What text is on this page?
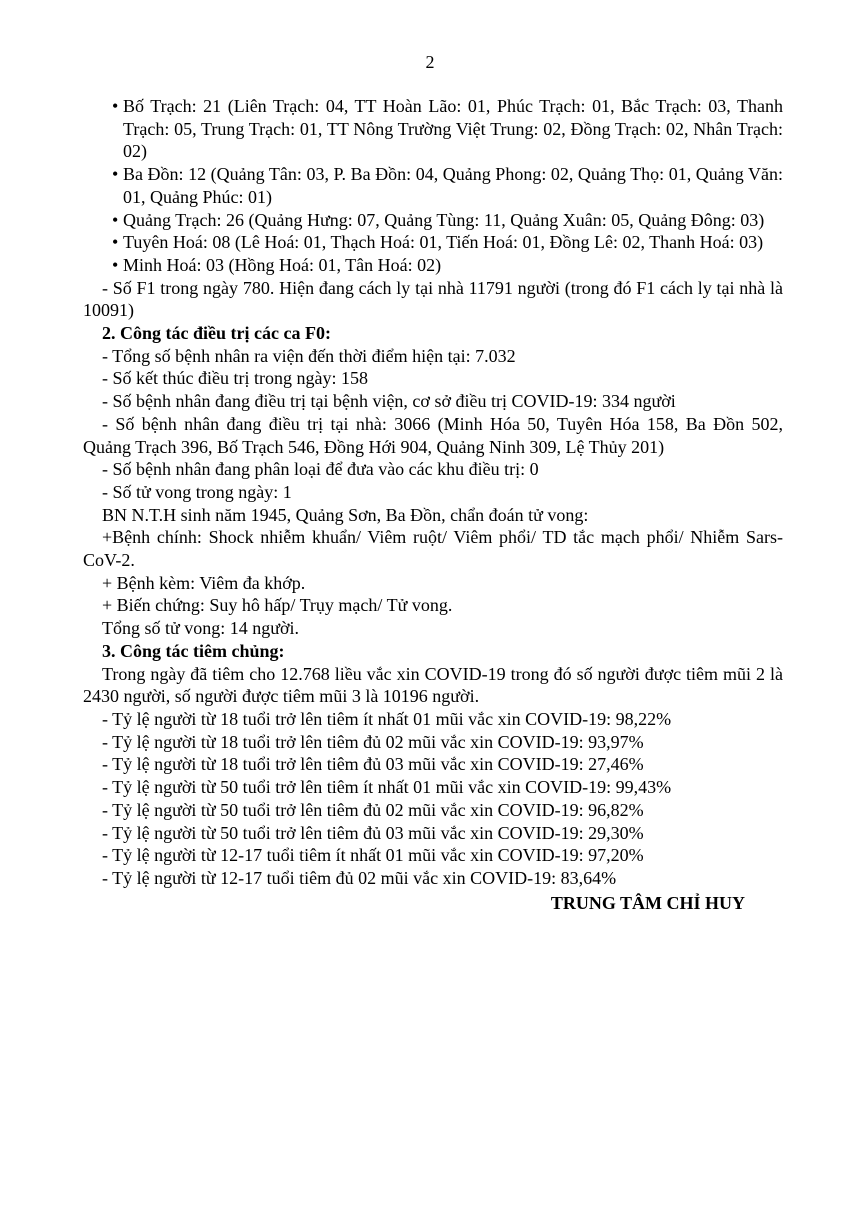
2
• Bố Trạch: 21 (Liên Trạch: 04, TT Hoàn Lão: 01, Phúc Trạch: 01, Bắc Trạch: 03, Thanh Trạch: 05, Trung Trạch: 01, TT Nông Trường Việt Trung: 02, Đồng Trạch: 02, Nhân Trạch: 02)
• Ba Đồn: 12 (Quảng Tân: 03, P. Ba Đồn: 04, Quảng Phong: 02, Quảng Thọ: 01, Quảng Văn: 01, Quảng Phúc: 01)
• Quảng Trạch: 26 (Quảng Hưng: 07, Quảng Tùng: 11, Quảng Xuân: 05, Quảng Đông: 03)
• Tuyên Hoá: 08 (Lê Hoá: 01, Thạch Hoá: 01, Tiến Hoá: 01, Đồng Lê: 02, Thanh Hoá: 03)
• Minh Hoá: 03 (Hồng Hoá: 01, Tân Hoá: 02)
- Số F1 trong ngày 780. Hiện đang cách ly tại nhà 11791 người (trong đó F1 cách ly tại nhà là 10091)
2. Công tác điều trị các ca F0:
- Tổng số bệnh nhân ra viện đến thời điểm hiện tại: 7.032
- Số kết thúc điều trị trong ngày: 158
- Số bệnh nhân đang điều trị tại bệnh viện, cơ sở điều trị COVID-19: 334 người
- Số bệnh nhân đang điều trị tại nhà: 3066 (Minh Hóa 50, Tuyên Hóa 158, Ba Đồn 502, Quảng Trạch 396, Bố Trạch 546, Đồng Hới 904, Quảng Ninh 309, Lệ Thủy 201)
- Số bệnh nhân đang phân loại để đưa vào các khu điều trị: 0
- Số tử vong trong ngày: 1
BN N.T.H sinh năm 1945, Quảng Sơn, Ba Đồn, chẩn đoán tử vong:
+Bệnh chính: Shock nhiễm khuẩn/ Viêm ruột/ Viêm phổi/ TD tắc mạch phổi/ Nhiễm Sars-CoV-2.
+ Bệnh kèm: Viêm đa khớp.
+ Biến chứng: Suy hô hấp/ Trụy mạch/ Tử vong.
Tổng số tử vong: 14 người.
3. Công tác tiêm chủng:
Trong ngày đã tiêm cho 12.768 liều vắc xin COVID-19 trong đó số người được tiêm mũi 2 là 2430 người, số người được tiêm mũi 3 là 10196 người.
- Tỷ lệ người từ 18 tuổi trở lên tiêm ít nhất 01 mũi vắc xin COVID-19: 98,22%
- Tỷ lệ người từ 18 tuổi trở lên tiêm đủ 02 mũi vắc xin COVID-19: 93,97%
- Tỷ lệ người từ 18 tuổi trở lên tiêm đủ 03 mũi vắc xin COVID-19: 27,46%
- Tỷ lệ người từ 50 tuổi trở lên tiêm ít nhất 01 mũi vắc xin COVID-19: 99,43%
- Tỷ lệ người từ 50 tuổi trở lên tiêm đủ 02 mũi vắc xin COVID-19: 96,82%
- Tỷ lệ người từ 50 tuổi trở lên tiêm đủ 03 mũi vắc xin COVID-19: 29,30%
- Tỷ lệ người từ 12-17 tuổi tiêm ít nhất 01 mũi vắc xin COVID-19: 97,20%
- Tỷ lệ người từ 12-17 tuổi tiêm đủ 02 mũi vắc xin COVID-19: 83,64%
TRUNG TÂM CHỈ HUY
